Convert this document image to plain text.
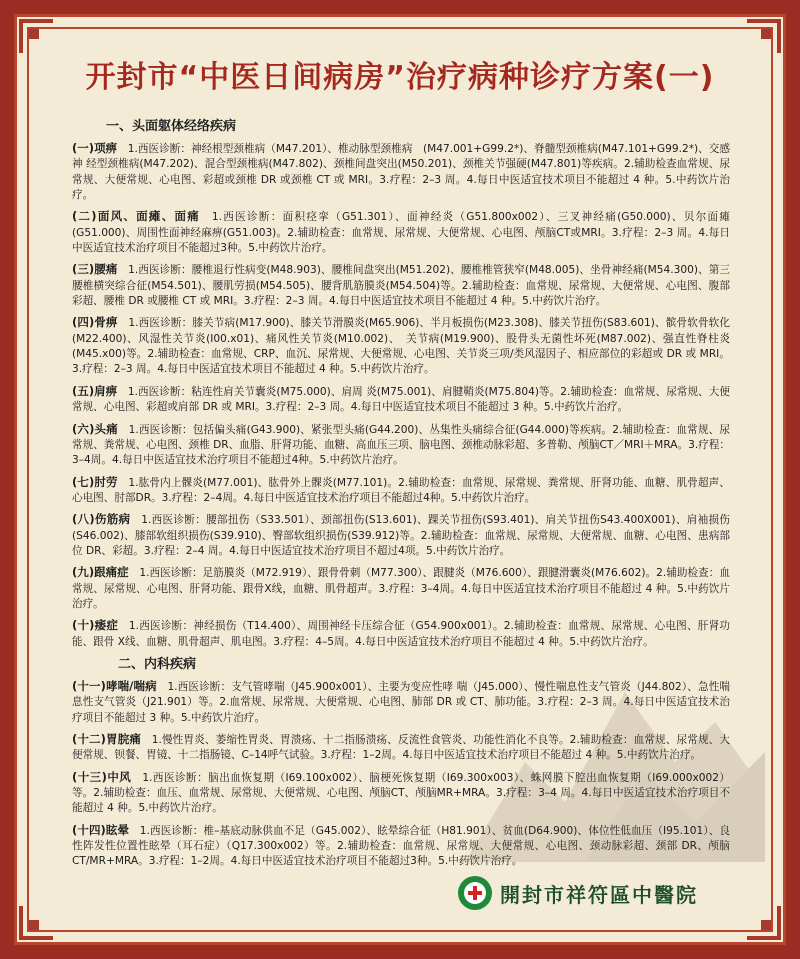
开封市“中医日间病房”治疗病种诊疗方案(一)
一、头面躯体经络疾病
(一)项痹　 1.西医诊断：神经根型颈椎病（M47.201）、椎动脉型颈椎病　(M47.001+G99.2*)、脊髓型颈椎病(M47.101+G99.2*)、交感神 经型颈椎病(M47.202)、混合型颈椎病(M47.802)、颈椎间盘突出(M50.201)、颈椎关节强硬(M47.801)等疾病。2.辅助检查血常规、尿常规、大便常规、心电图、彩超或颈椎 DR 或颈椎 CT 或 MRI。3.疗程：2–3 周。4.每日中医适宜技术项目不能超过 4 种。5.中药饮片治疗。
(二)面风、面瘫、面痛　 1.西医诊断：面积痉挛（G51.301）、面神经炎（G51.800x002）、三叉神经痛(G50.000)、贝尔面瘫(G51.000)、周围性面神经麻痹(G51.003)。2.辅助检查：血常规、尿常规、大便常规、心电图、颅脑CT或MRI。3.疗程：2–3 周。4.每日中医适宜技术治疗项目不能超过3种。5.中药饮片治疗。
(三)腰痛　 1.西医诊断：腰椎退行性病变(M48.903)、腰椎间盘突出(M51.202)、腰椎椎管狭窄(M48.005)、坐骨神经痛(M54.300)、第三腰椎横突综合征(M54.501)、腰肌劳损(M54.505)、腰背肌筋膜炎(M54.504)等。2.辅助检查：血常规、尿常规、大便常规、心电图、腹部彩超、腰椎 DR 或腰椎 CT 或 MRI。3.疗程：2–3 周。4.每日中医适宜技术项目不能超过 4 种。5.中药饮片治疗。
(四)骨痹　 1.西医诊断：膝关节病(M17.900)、膝关节滑膜炎(M65.906)、半月板损伤(M23.308)、膝关节扭伤(S83.601)、髌骨软骨软化　(M22.400)、风湿性关节炎(I00.x01)、痛风性关节炎(M10.002)、　关节病(M19.900)、股骨头无菌性坏死(M87.002)、强直性脊柱炎(M45.x00)等。2.辅助检查：血常规、CRP、血沉、尿常规、大便常规、心电图、关节炎三项/类风湿因子、相应部位的彩超或 DR 或 MRI。3.疗程：2–3 周。4.每日中医适宜技术项目不能超过 4 种。5.中药饮片治疗。
(五)肩痹　 1.西医诊断：粘连性肩关节囊炎(M75.000)、肩周 炎(M75.001)、肩腱鞘炎(M75.804)等。2.辅助检查：血常规、尿常规、大便常规、心电图、彩超或肩部 DR 或 MRI。3.疗程：2–3 周。4.每日中医适宜技术项目不能超过 3 种。5.中药饮片治疗。
(六)头痛　 1.西医诊断：包括偏头痛(G43.900)、紧张型头痛(G44.200)、丛集性头痛综合征(G44.000)等疾病。2.辅助检查：血常规、尿常规、粪常规、心电图、颈椎 DR、血脂、肝肾功能、血糖、高血压三项、脑电图、颈椎动脉彩超、多普勒、颅脑CT／MRI＋MRA。3.疗程：3–4周。4.每日中医适宜技术治疗项目不能超过4种。5.中药饮片治疗。
(七)肘劳　 1.肱骨内上髁炎(M77.001)、肱骨外上髁炎(M77.101)。2.辅助检查：血常规、尿常规、粪常规、肝肾功能、血糖、肌骨超声、心电图、肘部DR。3.疗程：2–4周。4.每日中医适宜技术治疗项目不能超过4种。5.中药饮片治疗。
(八)伤筋病　 1.西医诊断：腰部扭伤（S33.501）、颈部扭伤(S13.601)、踝关节扭伤(S93.401)、肩关节扭伤S43.400X001)、肩袖损伤(S46.002)、膝部软组织损伤(S39.910)、臀部软组织损伤(S39.912)等。2.辅助检查：血常规、尿常规、大便常规、血糖、心电图、患病部位 DR、彩超。3.疗程：2–4 周。4.每日中医适宜技术治疗项目不超过4项。5.中药饮片治疗。
(九)跟痛症　 1.西医诊断：足筋膜炎（M72.919）、跟骨骨刺（M77.300）、跟腱炎（M76.600）、跟腱滑囊炎(M76.602)。2.辅助检查：血常规、尿常规、心电图、肝肾功能、跟骨X线，血糖、肌骨超声。3.疗程：3–4周。4.每日中医适宜技术治疗项目不能超过 4 种。5.中药饮片治疗。
(十)痿症　 1.西医诊断：神经损伤（T14.400）、周围神经卡压综合征（G54.900x001）。2.辅助检查：血常规、尿常规、心电图、肝肾功能、跟骨 X线、血糖、肌骨超声、肌电图。3.疗程：4–5周。4.每日中医适宜技术治疗项目不能超过 4 种。5.中药饮片治疗。
二、内科疾病
(十一)哮喘/喘病　 1.西医诊断：支气管哮喘（J45.900x001）、主要为变应性哮 喘（J45.000）、慢性喘息性支气管炎（J44.802）、急性喘息性支气管炎（J21.901）等。2.血常规、尿常规、大便常规、心电图、肺部 DR 或 CT、肺功能。3.疗程：2–3 周。4.每日中医适宜技术治疗项目不能超过 3 种。5.中药饮片治疗。
(十二)胃脘痛　 1.慢性胃炎、萎缩性胃炎、胃溃疡、十二指肠溃疡、反流性食管炎、功能性消化不良等。2.辅助检查：血常规、尿常规、大便常规、钡餐、胃镜、十二指肠镜、C–14呼气试验。3.疗程：1–2周。4.每日中医适宜技术治疗项目不能超过 4 种。5.中药饮片治疗。
(十三)中风　 1.西医诊断：脑出血恢复期（I69.100x002）、脑梗死恢复期（I69.300x003）、蛛网膜下腔出血恢复期（I69.000x002）等。2.辅助检查：血压、血常规、尿常规、大便常规、心电图、颅脑CT、颅脑MR+MRA。3.疗程：3–4 周。4.每日中医适宜技术治疗项目不能超过 4 种。5.中药饮片治疗。
(十四)眩晕　 1.西医诊断：椎–基底动脉供血不足（G45.002）、眩晕综合征（H81.901）、贫血(D64.900)、体位性低血压（I95.101）、良性阵发性位置性眩晕（耳石症）（Q17.300x002）等。2.辅助检查：血常规、尿常规、大便常规、心电图、颈动脉彩超、颈部 DR、颅脑 CT/MR+MRA。3.疗程：1–2周。4.每日中医适宜技术治疗项目不能超过3种。5.中药饮片治疗。
開封市祥符區中醫院
